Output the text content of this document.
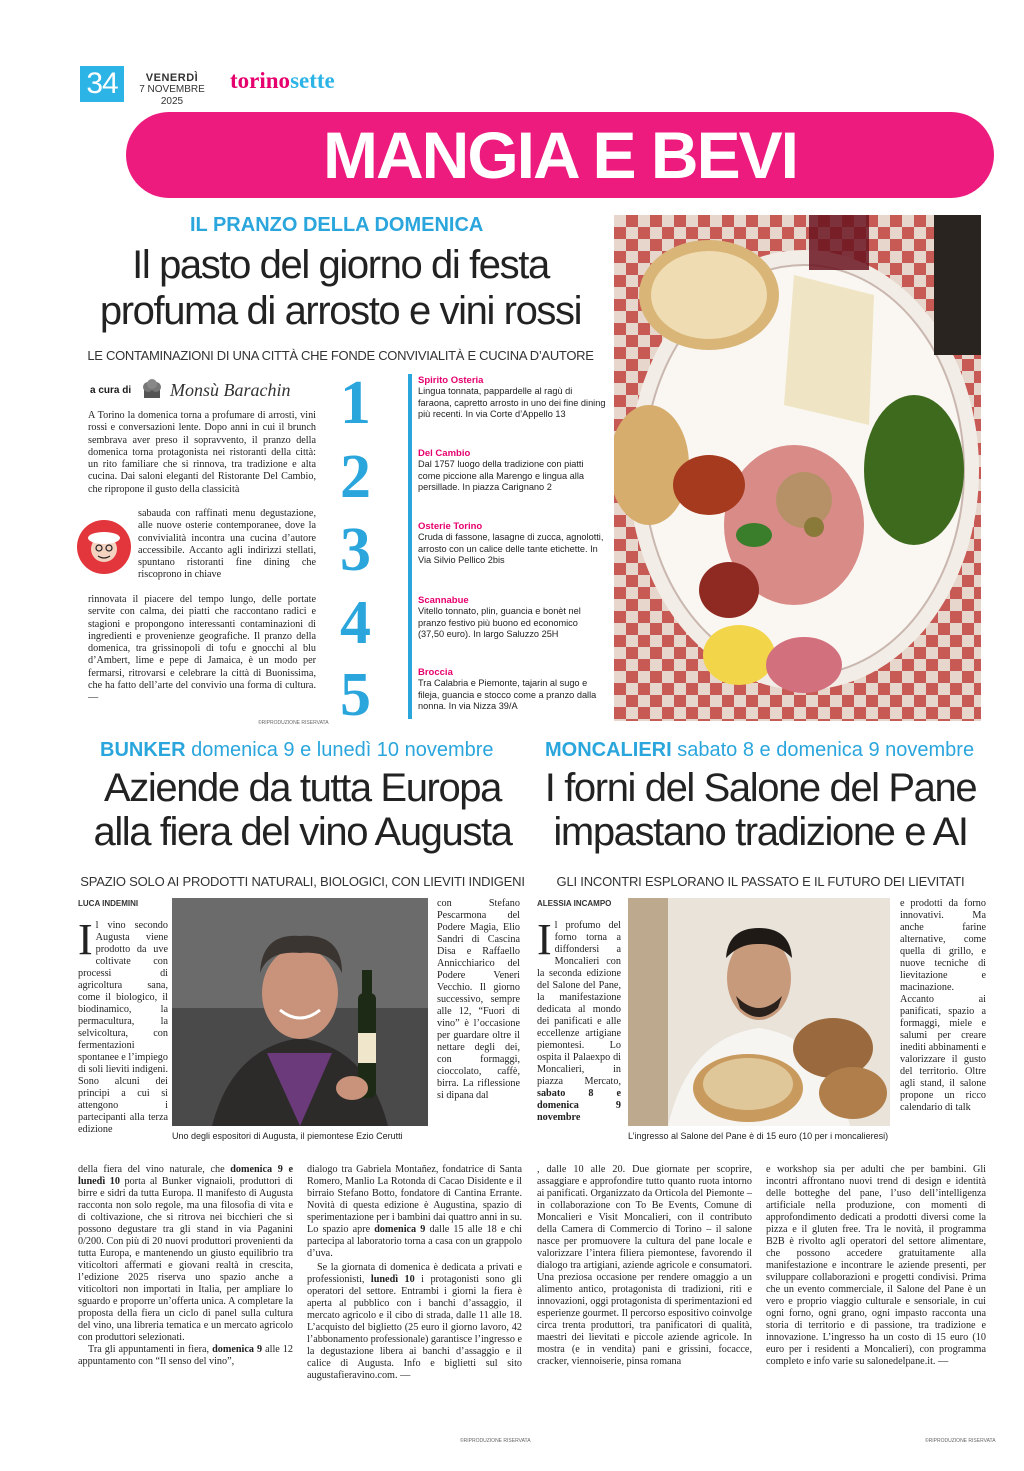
34	VENERDÌ
7 NOVEMBRE 2025
torinosette
MANGIA E BEVI
IL PRANZO DELLA DOMENICA
Il pasto del giorno di festa
profuma di arrosto e vini rossi
LE CONTAMINAZIONI DI UNA CITTÀ CHE FONDE CONVIVIALITÀ E CUCINA D’AUTORE
a cura di Monsù Barachin
A Torino la domenica torna a profumare di arrosti, vini rossi e conversazioni lente. Dopo anni in cui il brunch sembrava aver preso il sopravvento, il pranzo della domenica torna protagonista nei ristoranti della città: un rito familiare che si rinnova, tra tradizione e alta cucina. Dai saloni eleganti del Ristorante Del Cambio, che ripropone il gusto della classicità
sabauda con raffinati menu degustazione, alle nuove osterie contemporanee, dove la convivialità incontra una cucina d’autore accessibile. Accanto agli indirizzi stellati, spuntano ristoranti fine dining che riscoprono in chiave
rinnovata il piacere del tempo lungo, delle portate servite con calma, dei piatti che raccontano radici e stagioni e propongono interessanti contaminazioni di ingredienti e provenienze geografiche. Il pranzo della domenica, tra grissinopoli di tofu e gnocchi al blu d’Ambert, lime e pepe di Jamaica, è un modo per fermarsi, ritrovarsi e celebrare la città di Buonissima, che ha fatto dell’arte del convivio una forma di cultura. —
©RIPRODUZIONE RISERVATA
1
2
3
4
5
Spirito Osteria
Lingua tonnata, pappardelle al ragù di faraona, capretto arrosto in uno dei fine dining più recenti. In via Corte d’Appello 13
Del Cambio
Dal 1757 luogo della tradizione con piatti come piccione alla Marengo e lingua alla persillade. In piazza Carignano 2
Osterie Torino
Cruda di fassone, lasagne di zucca, agnolotti, arrosto con un calice delle tante etichette. In Via Silvio Pellico 2bis
Scannabue
Vitello tonnato, plin, guancia e bonèt nel pranzo festivo più buono ed economico (37,50 euro). In largo Saluzzo 25H
Broccia
Tra Calabria e Piemonte, tajarin al sugo e fileja, guancia e stocco come a pranzo dalla nonna. In via Nizza 39/A
BUNKER domenica 9 e lunedì 10 novembre
Aziende da tutta Europa
alla fiera del vino Augusta
SPAZIO SOLO AI PRODOTTI NATURALI, BIOLOGICI, CON LIEVITI INDIGENI
LUCA INDEMINI
Il vino secondo Augusta viene prodotto da uve coltivate con processi di agricoltura sana, come il biologico, il biodinamico, la permacultura, la selvicoltura, con fermentazioni spontanee e l’impiego di soli lieviti indigeni. Sono alcuni dei principi a cui si attengono i partecipanti alla terza edizione
Uno degli espositori di Augusta, il piemontese Ezio Cerutti
con Stefano Pescarmona del Podere Magia, Elio Sandri di Cascina Disa e Raffaello Annicchiarico del Podere Veneri Vecchio. Il giorno successivo, sempre alle 12, “Fuori di vino” è l’occasione per guardare oltre il nettare degli dei, con formaggi, cioccolato, caffè, birra. La riflessione si dipana dal
della fiera del vino naturale, che domenica 9 e lunedì 10 porta al Bunker vignaioli, produttori di birre e sidri da tutta Europa. Il manifesto di Augusta racconta non solo regole, ma una filosofia di vita e di coltivazione, che si ritrova nei bicchieri che si possono degustare tra gli stand in via Paganini 0/200. Con più di 20 nuovi produttori provenienti da tutta Europa, e mantenendo un giusto equilibrio tra viticoltori affermati e giovani realtà in crescita, l’edizione 2025 riserva uno spazio anche a viticoltori non importati in Italia, per ampliare lo sguardo e proporre un’offerta unica. A completare la proposta della fiera un ciclo di panel sulla cultura del vino, una libreria tematica e un mercato agricolo con produttori selezionati.
Tra gli appuntamenti in fiera, domenica 9 alle 12 appuntamento con “Il senso del vino”,
dialogo tra Gabriela Montañez, fondatrice di Santa Romero, Manlio La Rotonda di Cacao Disidente e il birraio Stefano Botto, fondatore di Cantina Errante. Novità di questa edizione è Augustina, spazio di sperimentazione per i bambini dai quattro anni in su. Lo spazio apre domenica 9 dalle 15 alle 18 e chi partecipa al laboratorio torna a casa con un grappolo d’uva.
Se la giornata di domenica è dedicata a privati e professionisti, lunedì 10 i protagonisti sono gli operatori del settore. Entrambi i giorni la fiera è aperta al pubblico con i banchi d’assaggio, il mercato agricolo e il cibo di strada, dalle 11 alle 18. L’acquisto del biglietto (25 euro il giorno lavoro, 42 l’abbonamento professionale) garantisce l’ingresso e la degustazione libera ai banchi d’assaggio e il calice di Augusta. Info e biglietti sul sito augustafieravino.com. —
MONCALIERI sabato 8 e domenica 9 novembre
I forni del Salone del Pane
impastano tradizione e AI
GLI INCONTRI ESPLORANO IL PASSATO E IL FUTURO DEI LIEVITATI
ALESSIA INCAMPO
Il profumo del forno torna a diffondersi a Moncalieri con la seconda edizione del Salone del Pane, la manifestazione dedicata al mondo dei panificati e alle eccellenze artigiane piemontesi. Lo ospita il Palaexpo di Moncalieri, in piazza Mercato, sabato 8 e domenica 9 novembre
L’ingresso al Salone del Pane è di 15 euro (10 per i moncalieresi)
, dalle 10 alle 20. Due giornate per scoprire, assaggiare e approfondire tutto quanto ruota intorno ai panificati. Organizzato da Orticola del Piemonte – in collaborazione con To Be Events, Comune di Moncalieri e Visit Moncalieri, con il contributo della Camera di Commercio di Torino – il salone nasce per promuovere la cultura del pane locale e valorizzare l’intera filiera piemontese, favorendo il dialogo tra artigiani, aziende agricole e consumatori. Una preziosa occasione per rendere omaggio a un alimento antico, protagonista di tradizioni, riti e innovazioni, oggi protagonista di sperimentazioni ed esperienze gourmet. Il percorso espositivo coinvolge circa trenta produttori, tra panificatori di qualità, maestri dei lievitati e piccole aziende agricole. In mostra (e in vendita) pani e grissini, focacce, cracker, viennoiserie, pinsa romana
e prodotti da forno innovativi. Ma anche farine alternative, come quella di grillo, e nuove tecniche di lievitazione e macinazione. Accanto ai panificati, spazio a formaggi, miele e salumi per creare inediti abbinamenti e valorizzare il gusto del territorio. Oltre agli stand, il salone propone un ricco calendario di talk
e workshop sia per adulti che per bambini. Gli incontri affrontano nuovi trend di design e identità delle botteghe del pane, l’uso dell’intelligenza artificiale nella produzione, con momenti di approfondimento dedicati a prodotti diversi come la pizza e il gluten free. Tra le novità, il programma B2B è rivolto agli operatori del settore alimentare, che possono accedere gratuitamente alla manifestazione e incontrare le aziende presenti, per sviluppare collaborazioni e progetti condivisi. Prima che un evento commerciale, il Salone del Pane è un vero e proprio viaggio culturale e sensoriale, in cui ogni forno, ogni grano, ogni impasto racconta una storia di territorio e di passione, tra tradizione e innovazione. L’ingresso ha un costo di 15 euro (10 euro per i residenti a Moncalieri), con programma completo e info varie su salonedelpane.it. —
©RIPRODUZIONE RISERVATA	©RIPRODUZIONE RISERVATA
